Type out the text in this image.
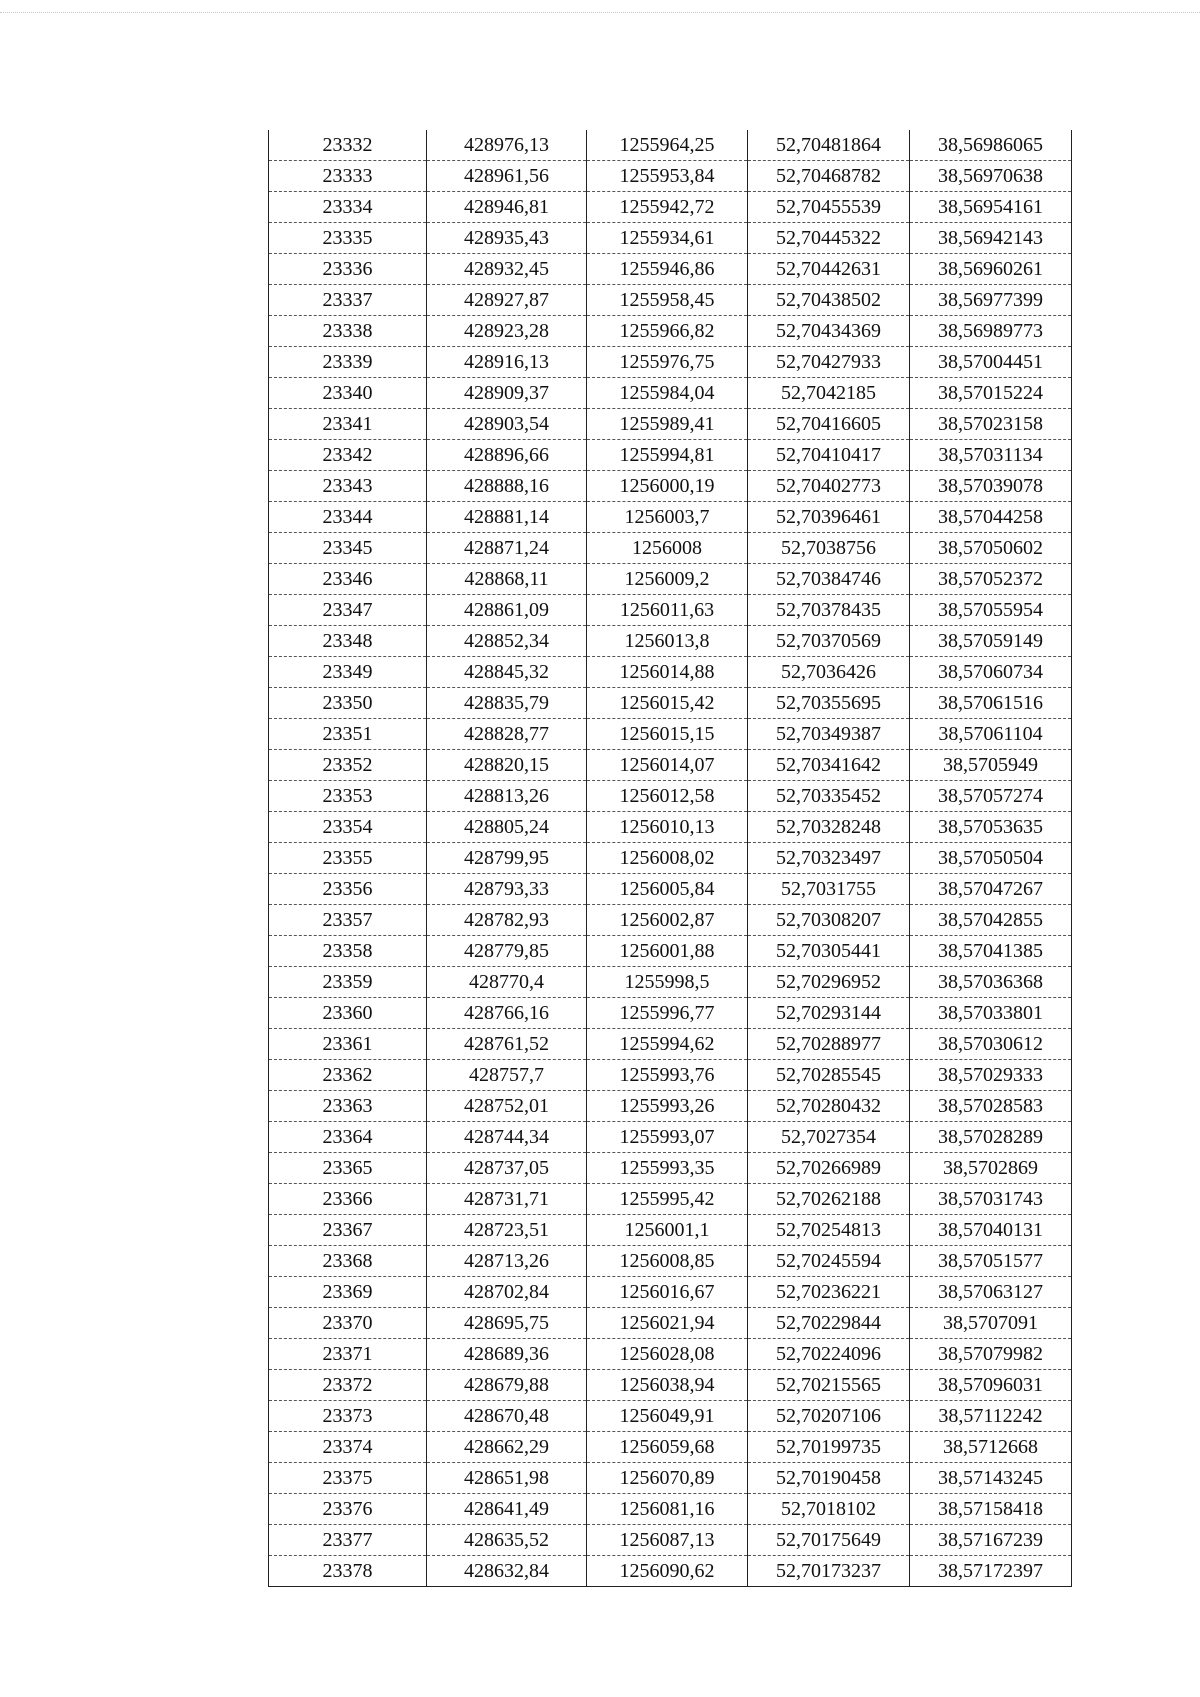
23332	428976,13	1255964,25	52,70481864	38,56986065
23333	428961,56	1255953,84	52,70468782	38,56970638
23334	428946,81	1255942,72	52,70455539	38,56954161
23335	428935,43	1255934,61	52,70445322	38,56942143
23336	428932,45	1255946,86	52,70442631	38,56960261
23337	428927,87	1255958,45	52,70438502	38,56977399
23338	428923,28	1255966,82	52,70434369	38,56989773
23339	428916,13	1255976,75	52,70427933	38,57004451
23340	428909,37	1255984,04	52,7042185	38,57015224
23341	428903,54	1255989,41	52,70416605	38,57023158
23342	428896,66	1255994,81	52,70410417	38,57031134
23343	428888,16	1256000,19	52,70402773	38,57039078
23344	428881,14	1256003,7	52,70396461	38,57044258
23345	428871,24	1256008	52,7038756	38,57050602
23346	428868,11	1256009,2	52,70384746	38,57052372
23347	428861,09	1256011,63	52,70378435	38,57055954
23348	428852,34	1256013,8	52,70370569	38,57059149
23349	428845,32	1256014,88	52,7036426	38,57060734
23350	428835,79	1256015,42	52,70355695	38,57061516
23351	428828,77	1256015,15	52,70349387	38,57061104
23352	428820,15	1256014,07	52,70341642	38,5705949
23353	428813,26	1256012,58	52,70335452	38,57057274
23354	428805,24	1256010,13	52,70328248	38,57053635
23355	428799,95	1256008,02	52,70323497	38,57050504
23356	428793,33	1256005,84	52,7031755	38,57047267
23357	428782,93	1256002,87	52,70308207	38,57042855
23358	428779,85	1256001,88	52,70305441	38,57041385
23359	428770,4	1255998,5	52,70296952	38,57036368
23360	428766,16	1255996,77	52,70293144	38,57033801
23361	428761,52	1255994,62	52,70288977	38,57030612
23362	428757,7	1255993,76	52,70285545	38,57029333
23363	428752,01	1255993,26	52,70280432	38,57028583
23364	428744,34	1255993,07	52,7027354	38,57028289
23365	428737,05	1255993,35	52,70266989	38,5702869
23366	428731,71	1255995,42	52,70262188	38,57031743
23367	428723,51	1256001,1	52,70254813	38,57040131
23368	428713,26	1256008,85	52,70245594	38,57051577
23369	428702,84	1256016,67	52,70236221	38,57063127
23370	428695,75	1256021,94	52,70229844	38,5707091
23371	428689,36	1256028,08	52,70224096	38,57079982
23372	428679,88	1256038,94	52,70215565	38,57096031
23373	428670,48	1256049,91	52,70207106	38,57112242
23374	428662,29	1256059,68	52,70199735	38,5712668
23375	428651,98	1256070,89	52,70190458	38,57143245
23376	428641,49	1256081,16	52,7018102	38,57158418
23377	428635,52	1256087,13	52,70175649	38,57167239
23378	428632,84	1256090,62	52,70173237	38,57172397
